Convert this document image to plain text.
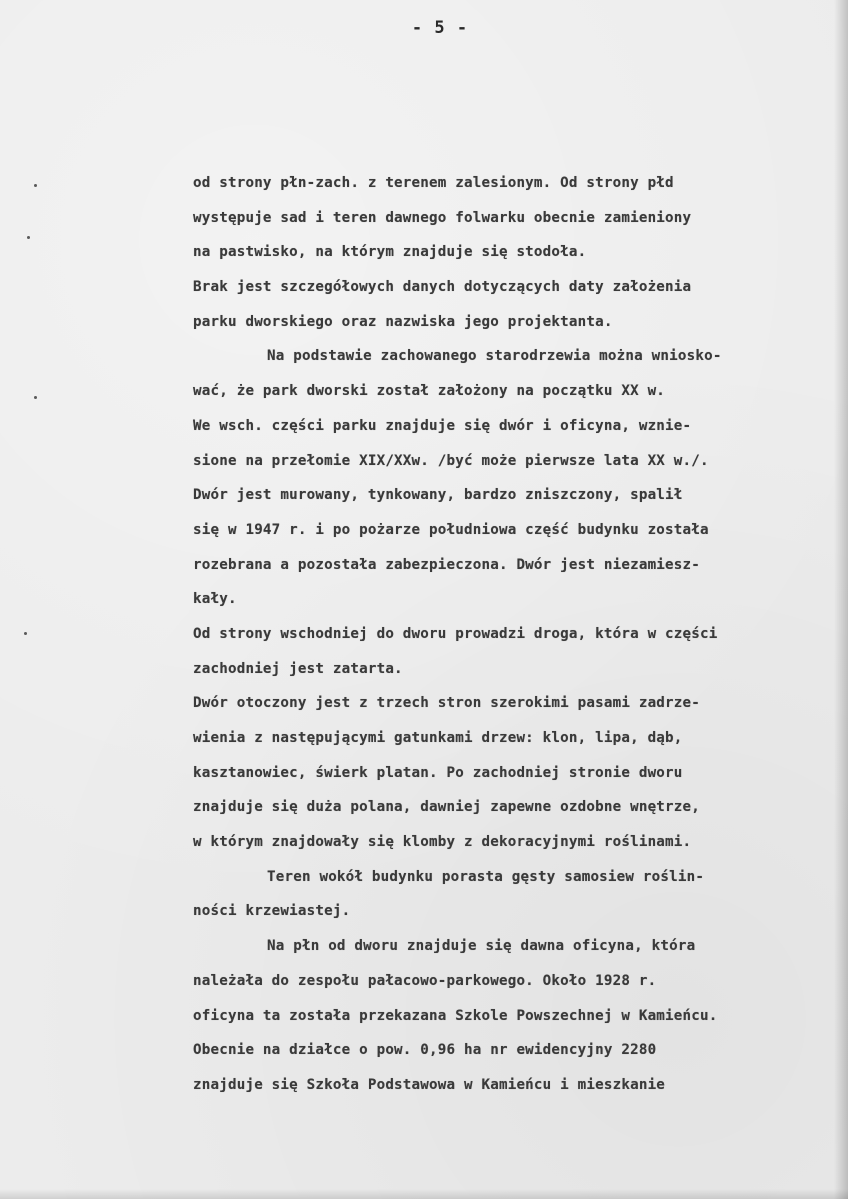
- 5 -
od strony płn-zach. z terenem zalesionym. Od strony płd
występuje sad i teren dawnego folwarku obecnie zamieniony
na pastwisko, na którym znajduje się stodoła.
Brak jest szczegółowych danych dotyczących daty założenia
parku dworskiego oraz nazwiska jego projektanta.
Na podstawie zachowanego starodrzewia można wniosko-
wać, że park dworski został założony na początku XX w.
We wsch. części parku znajduje się dwór i oficyna, wznie-
sione na przełomie XIX/XXw. /być może pierwsze lata XX w./.
Dwór jest murowany, tynkowany, bardzo zniszczony, spalił
się w 1947 r. i po pożarze południowa część budynku została
rozebrana a pozostała zabezpieczona. Dwór jest niezamiesz-
kały.
Od strony wschodniej do dworu prowadzi droga, która w części
zachodniej jest zatarta.
Dwór otoczony jest z trzech stron szerokimi pasami zadrze-
wienia z następującymi gatunkami drzew: klon, lipa, dąb,
kasztanowiec, świerk platan. Po zachodniej stronie dworu
znajduje się duża polana, dawniej zapewne ozdobne wnętrze,
w którym znajdowały się klomby z dekoracyjnymi roślinami.
Teren wokół budynku porasta gęsty samosiew roślin-
ności krzewiastej.
Na płn od dworu znajduje się dawna oficyna, która
należała do zespołu pałacowo-parkowego. Około 1928 r.
oficyna ta została przekazana Szkole Powszechnej w Kamieńcu.
Obecnie na działce o pow. 0,96 ha nr ewidencyjny 2280
znajduje się Szkoła Podstawowa w Kamieńcu i mieszkanie
